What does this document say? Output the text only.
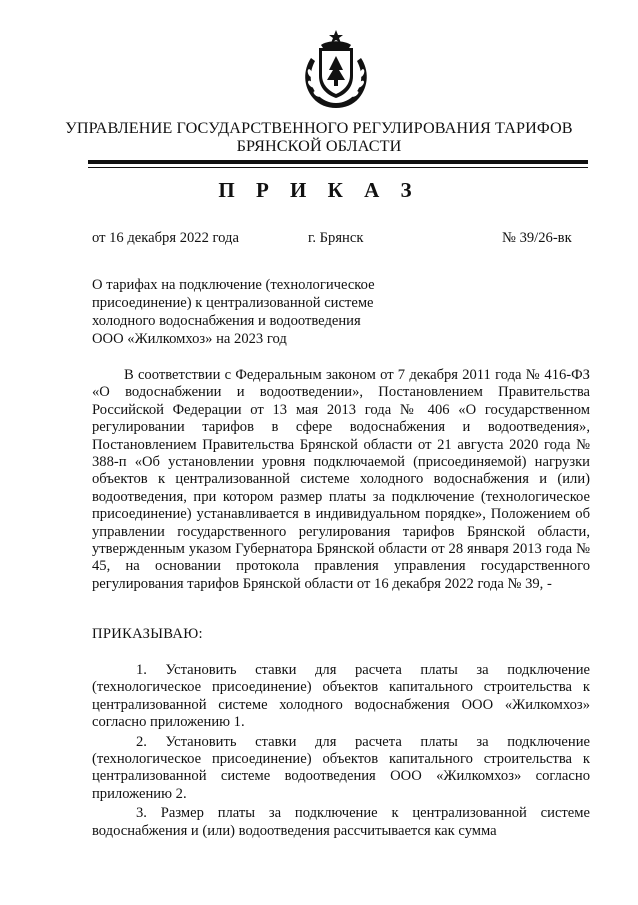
УПРАВЛЕНИЕ ГОСУДАРСТВЕННОГО РЕГУЛИРОВАНИЯ ТАРИФОВ
БРЯНСКОЙ ОБЛАСТИ
П Р И К А З
от 16 декабря 2022 года	г. Брянск	№ 39/26-вк
О тарифах на подключение (технологическое
присоединение) к централизованной системе
холодного водоснабжения и водоотведения
ООО «Жилкомхоз» на 2023 год
В соответствии с Федеральным законом от 7 декабря 2011 года № 416-ФЗ «О водоснабжении и водоотведении», Постановлением Правительства Российской Федерации от 13 мая 2013 года № 406 «О государственном регулировании тарифов в сфере водоснабжения и водоотведения», Постановлением Правительства Брянской области от 21 августа 2020 года № 388-п «Об установлении уровня подключаемой (присоединяемой) нагрузки объектов к централизованной системе холодного водоснабжения и (или) водоотведения, при котором размер платы за подключение (технологическое присоединение) устанавливается в индивидуальном порядке», Положением об управлении государственного регулирования тарифов Брянской области, утвержденным указом Губернатора Брянской области от 28 января 2013 года № 45, на основании протокола правления управления государственного регулирования тарифов Брянской области от 16 декабря 2022 года № 39, -
ПРИКАЗЫВАЮ:

1. Установить ставки для расчета платы за подключение (технологическое присоединение) объектов капитального строительства к централизованной системе холодного водоснабжения ООО «Жилкомхоз» согласно приложению 1.

2. Установить ставки для расчета платы за подключение (технологическое присоединение) объектов капитального строительства к централизованной системе водоотведения ООО «Жилкомхоз» согласно приложению 2.

3. Размер платы за подключение к централизованной системе водоснабжения и (или) водоотведения рассчитывается как сумма
